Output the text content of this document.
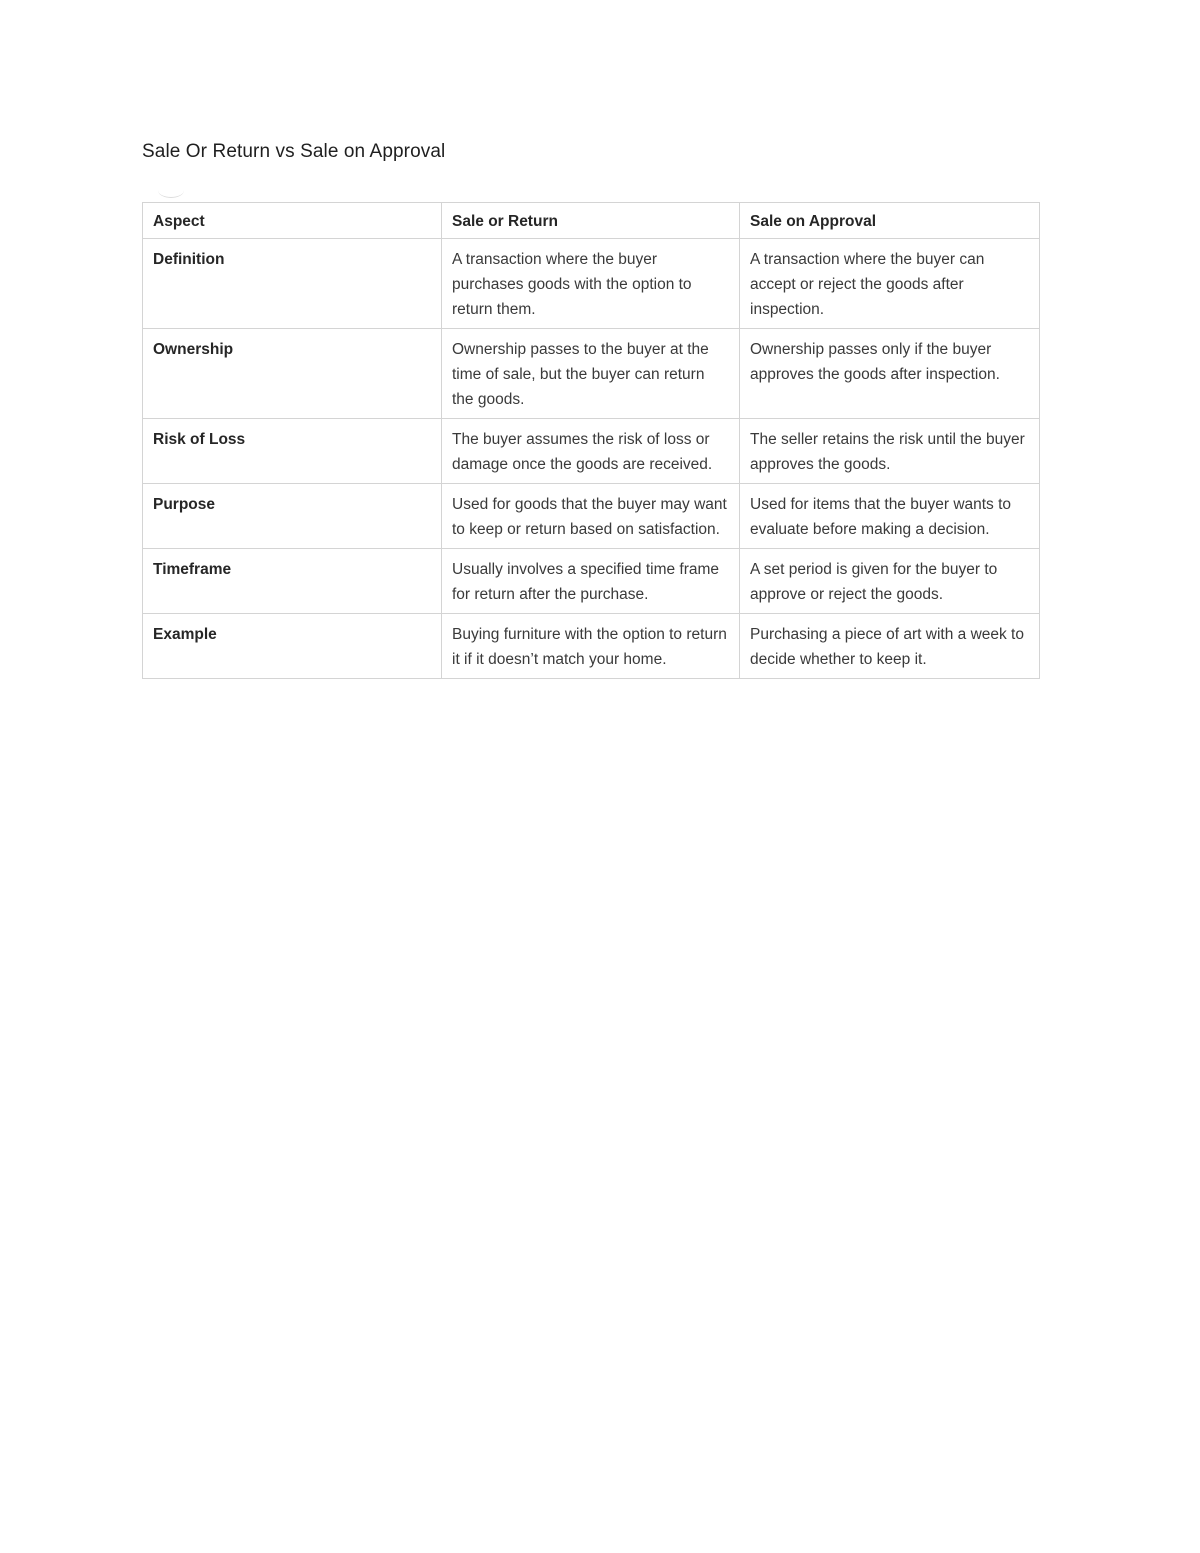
Sale Or Return vs Sale on Approval
Aspect	Sale or Return	Sale on Approval
Definition	A transaction where the buyer purchases goods with the option to return them.	A transaction where the buyer can accept or reject the goods after inspection.
Ownership	Ownership passes to the buyer at the time of sale, but the buyer can return the goods.	Ownership passes only if the buyer approves the goods after inspection.
Risk of Loss	The buyer assumes the risk of loss or damage once the goods are received.	The seller retains the risk until the buyer approves the goods.
Purpose	Used for goods that the buyer may want to keep or return based on satisfaction.	Used for items that the buyer wants to evaluate before making a decision.
Timeframe	Usually involves a specified time frame for return after the purchase.	A set period is given for the buyer to approve or reject the goods.
Example	Buying furniture with the option to return it if it doesn’t match your home.	Purchasing a piece of art with a week to decide whether to keep it.
